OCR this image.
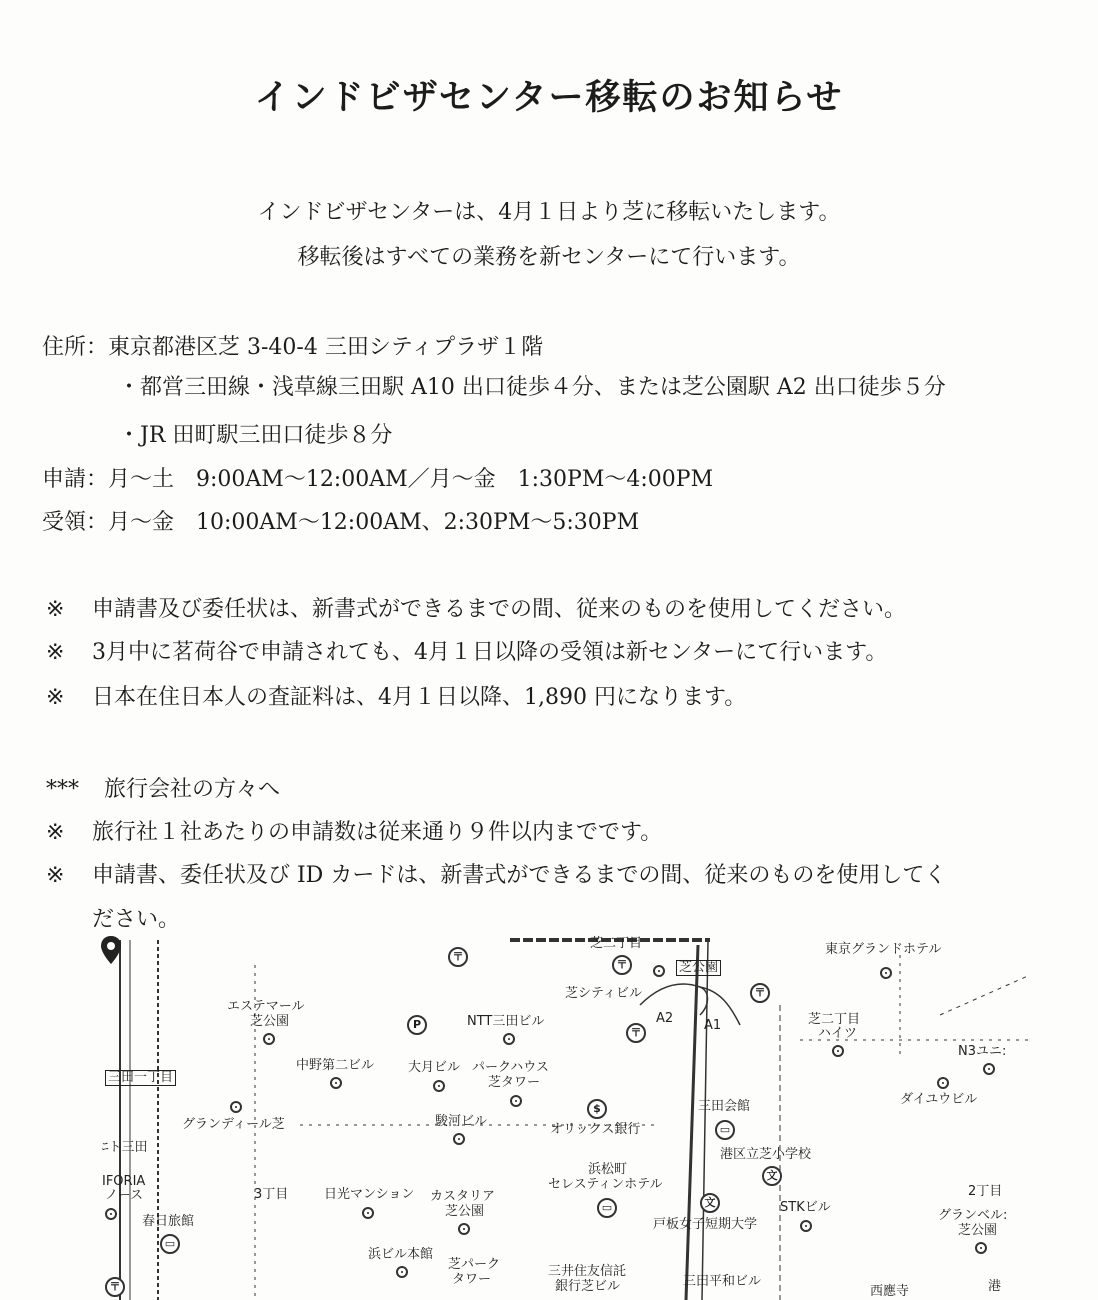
インドビザセンター移転のお知らせ
インドビザセンターは、4月１日より芝に移転いたします。
移転後はすべての業務を新センターにて行います。
住所：東京都港区芝 3-40-4 三田シティプラザ１階
・都営三田線・浅草線三田駅 A10 出口徒歩４分、または芝公園駅 A2 出口徒歩５分
・JR 田町駅三田口徒歩８分
申請：月～土　9:00AM～12:00AM／月～金　1:30PM～4:00PM
受領：月～金　10:00AM～12:00AM、2:30PM～5:30PM
※ 申請書及び委任状は、新書式ができるまでの間、従来のものを使用してください。
※ 3月中に茗荷谷で申請されても、4月１日以降の受領は新センターにて行います。
※ 日本在住日本人の査証料は、4月１日以降、1,890 円になります。
*** 旅行会社の方々へ
※ 旅行社１社あたりの申請数は従来通り９件以内までです。
※ 申請書、委任状及び ID カードは、新書式ができるまでの間、従来のものを使用してく
ださい。
東京グランドホテル
芝二丁目
〒
〒	芝公園
〒
芝シティビル
A2 A1
エステマール
芝公園	P	NTT三田ビル
〒
芝二丁目
ハイツ
N3ユニ:
三田一丁目
中野第二ビル	大月ビル パークハウス
芝タワー
ダイユウビル
グランディール芝
$
駿河ビル
オリックス銀行
三田会館
▭
港区立芝小学校
文
ﾆト三田
IFORIA
ノース
浜松町
セレスティンホテル
▭
3丁目	日光マンション カスタリア
芝公園
文
戸板女子短期大学
STKビル
2丁目
グランベル:
芝公園
春日旅館
▭
浜ビル本館
芝パーク
タワー
三井住友信託
銀行芝ビル	三田平和ビル
西應寺	港
〒
